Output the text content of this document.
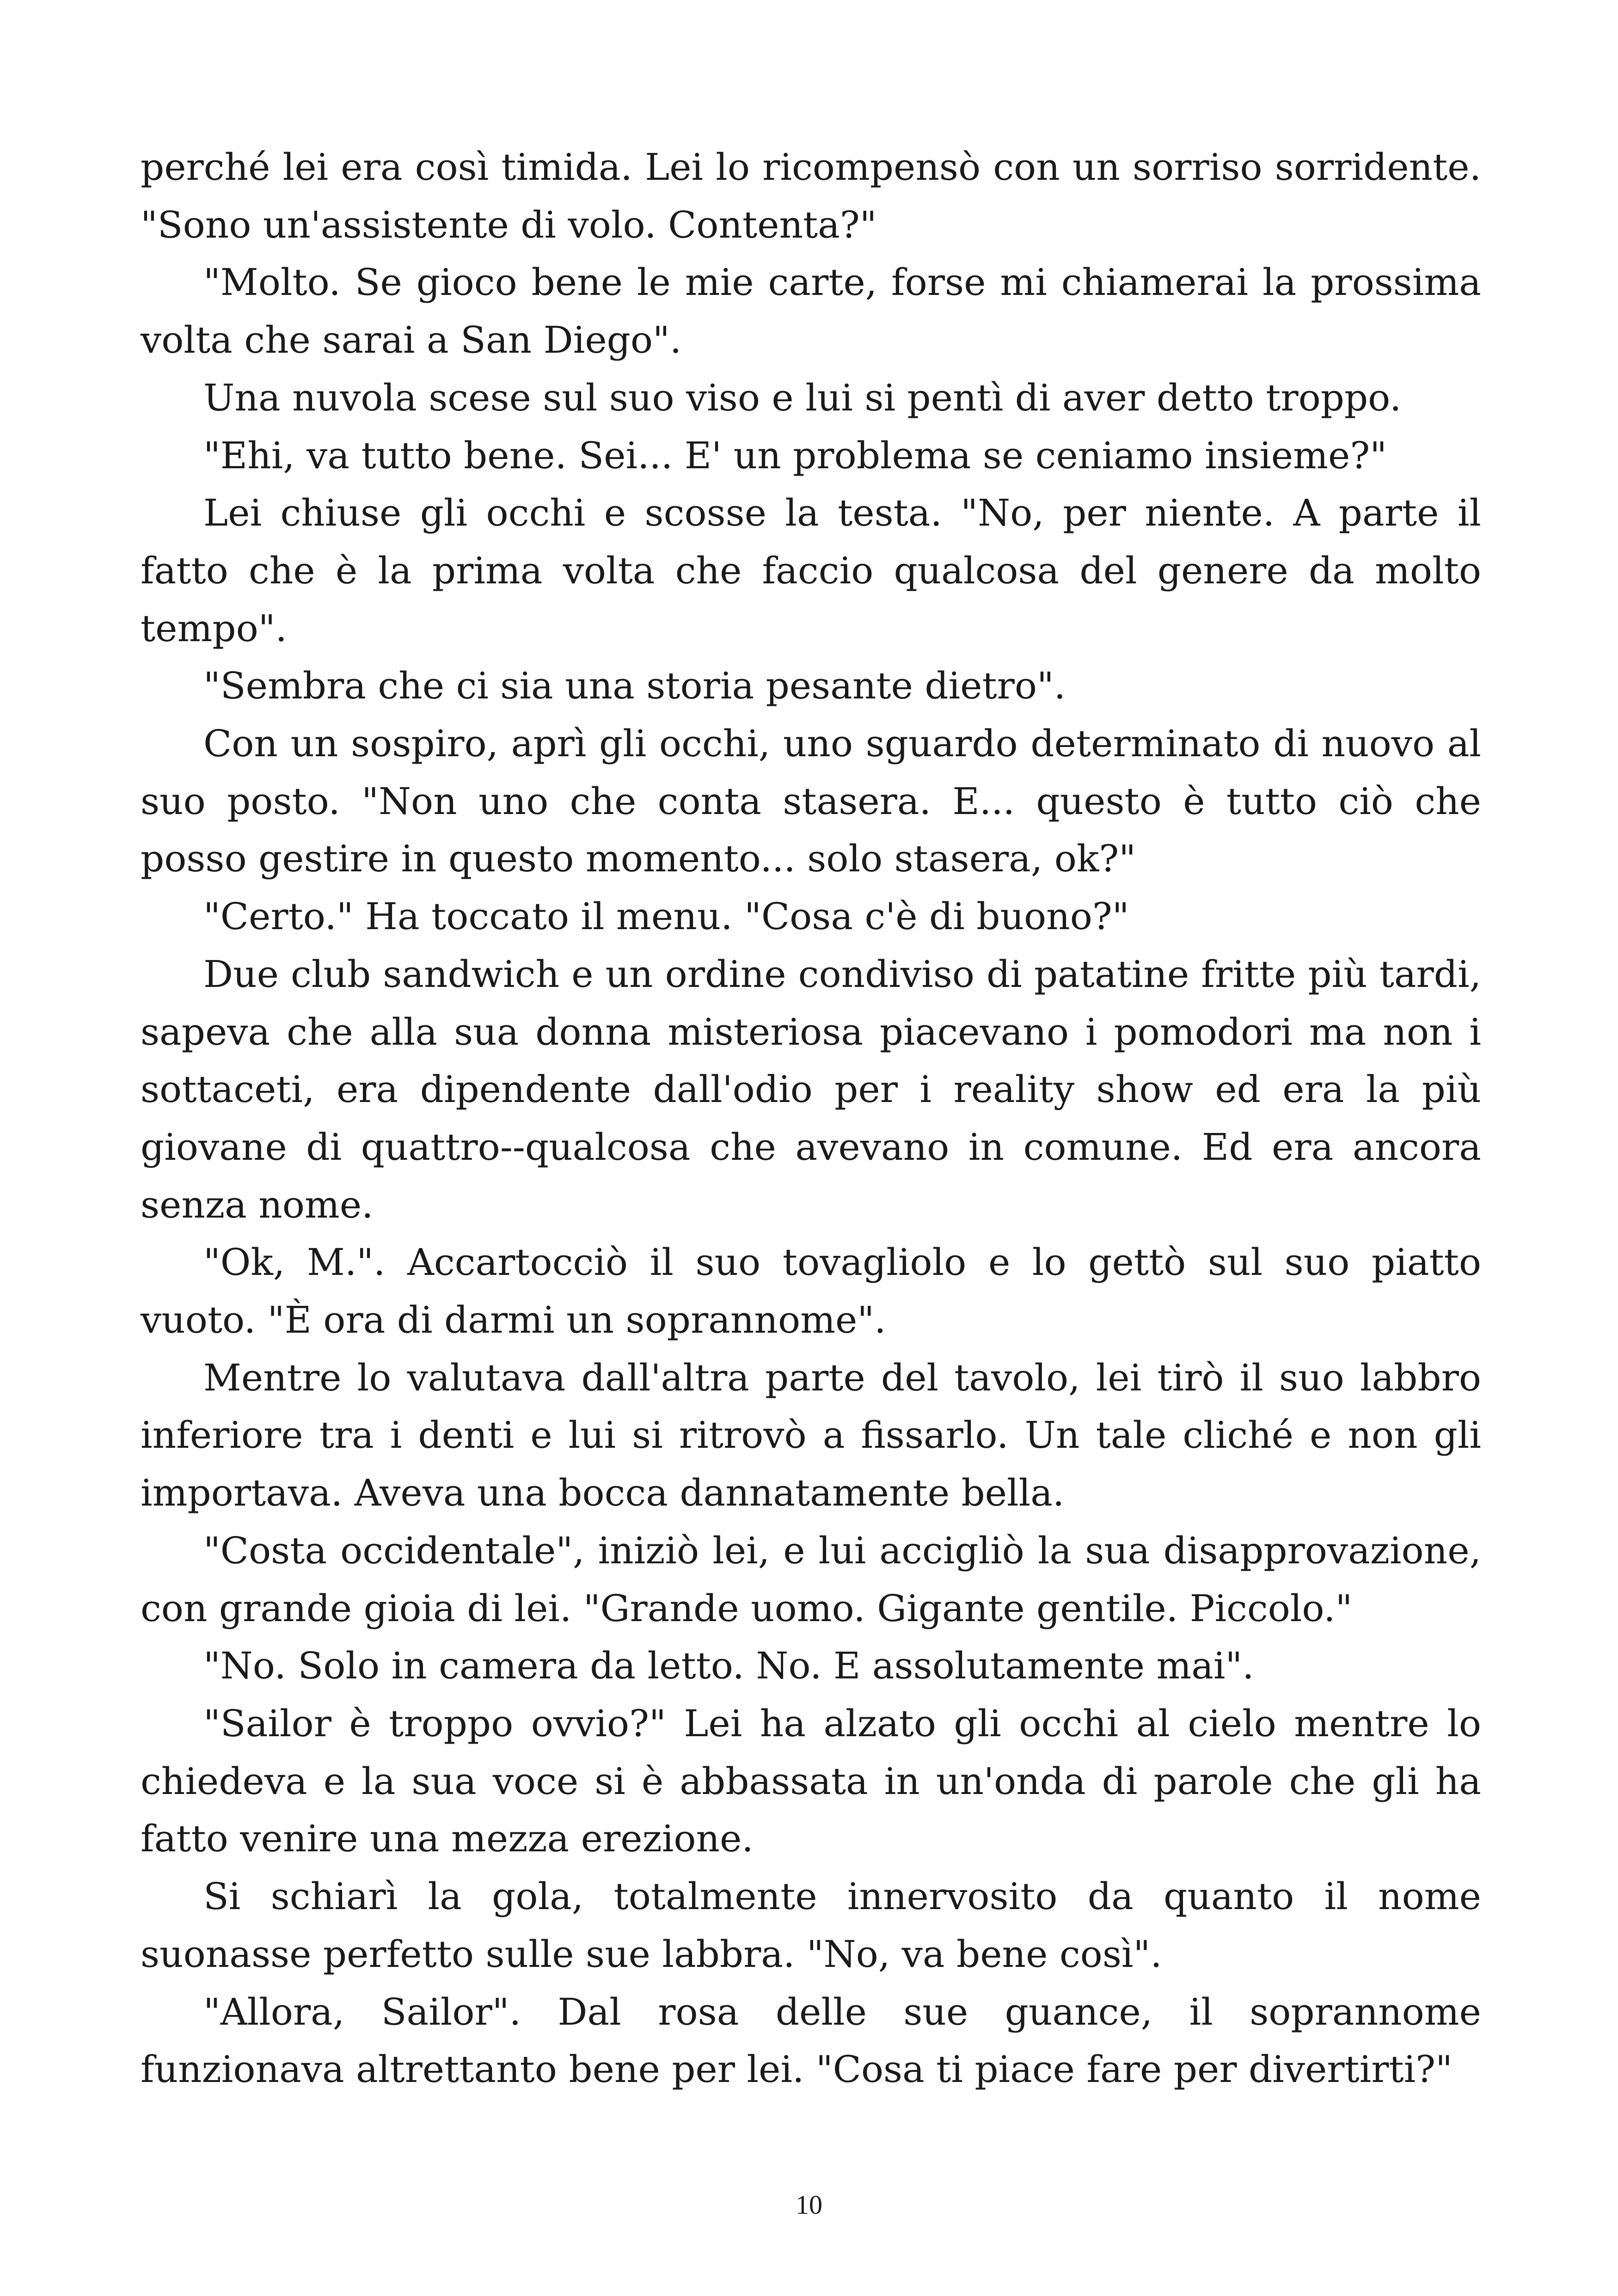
perché lei era così timida. Lei lo ricompensò con un sorriso sorridente. "Sono un'assistente di volo. Contenta?"

"Molto. Se gioco bene le mie carte, forse mi chiamerai la prossima volta che sarai a San Diego".

Una nuvola scese sul suo viso e lui si pentì di aver detto troppo.

"Ehi, va tutto bene. Sei... E' un problema se ceniamo insieme?"

Lei chiuse gli occhi e scosse la testa. "No, per niente. A parte il fatto che è la prima volta che faccio qualcosa del genere da molto tempo".

"Sembra che ci sia una storia pesante dietro".

Con un sospiro, aprì gli occhi, uno sguardo determinato di nuovo al suo posto. "Non uno che conta stasera. E... questo è tutto ciò che posso gestire in questo momento... solo stasera, ok?"

"Certo." Ha toccato il menu. "Cosa c'è di buono?"

Due club sandwich e un ordine condiviso di patatine fritte più tardi, sapeva che alla sua donna misteriosa piacevano i pomodori ma non i sottaceti, era dipendente dall'odio per i reality show ed era la più giovane di quattro--qualcosa che avevano in comune. Ed era ancora senza nome.

"Ok, M.". Accartocciò il suo tovagliolo e lo gettò sul suo piatto vuoto. "È ora di darmi un soprannome".

Mentre lo valutava dall'altra parte del tavolo, lei tirò il suo labbro inferiore tra i denti e lui si ritrovò a fissarlo. Un tale cliché e non gli importava. Aveva una bocca dannatamente bella.

"Costa occidentale", iniziò lei, e lui accigliò la sua disapprovazione, con grande gioia di lei. "Grande uomo. Gigante gentile. Piccolo."

"No. Solo in camera da letto. No. E assolutamente mai".

"Sailor è troppo ovvio?" Lei ha alzato gli occhi al cielo mentre lo chiedeva e la sua voce si è abbassata in un'onda di parole che gli ha fatto venire una mezza erezione.

Si schiarì la gola, totalmente innervosito da quanto il nome suonasse perfetto sulle sue labbra. "No, va bene così".

"Allora, Sailor". Dal rosa delle sue guance, il soprannome funzionava altrettanto bene per lei. "Cosa ti piace fare per divertirti?"

10
